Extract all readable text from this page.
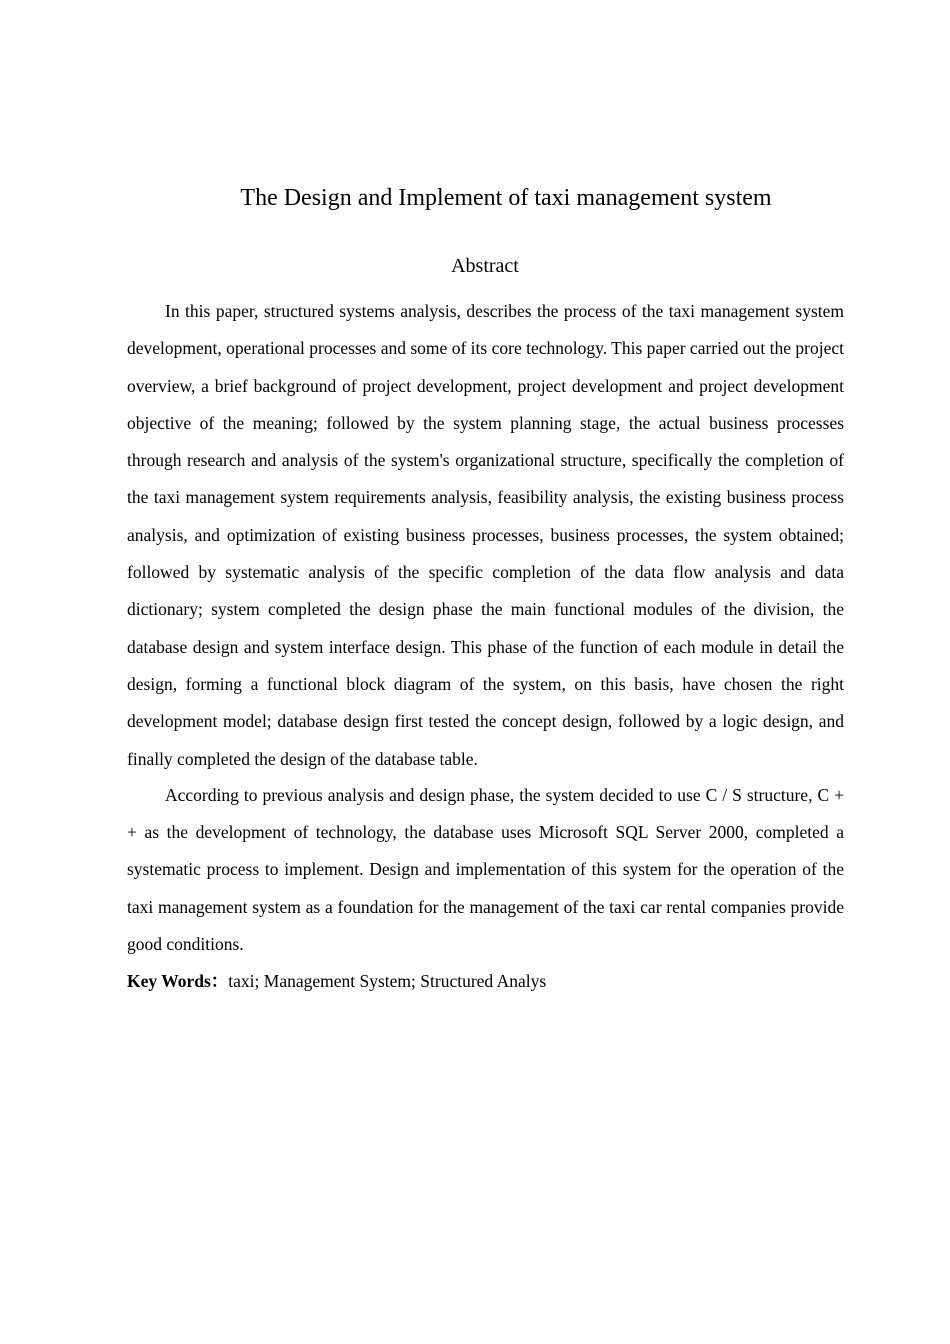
The Design and Implement of taxi management system
Abstract

In this paper, structured systems analysis, describes the process of the taxi management system development, operational processes and some of its core technology. This paper carried out the project overview, a brief background of project development, project development and project development objective of the meaning; followed by the system planning stage, the actual business processes through research and analysis of the system's organizational structure, specifically the completion of the taxi management system requirements analysis, feasibility analysis, the existing business process analysis, and optimization of existing business processes, business processes, the system obtained; followed by systematic analysis of the specific completion of the data flow analysis and data dictionary; system completed the design phase the main functional modules of the division, the database design and system interface design. This phase of the function of each module in detail the design, forming a functional block diagram of the system, on this basis, have chosen the right development model; database design first tested the concept design, followed by a logic design, and finally completed the design of the database table.

According to previous analysis and design phase, the system decided to use C / S structure, C + + as the development of technology, the database uses Microsoft SQL Server 2000, completed a systematic process to implement. Design and implementation of this system for the operation of the taxi management system as a foundation for the management of the taxi car rental companies provide good conditions.

Key Words：taxi; Management System; Structured Analys
